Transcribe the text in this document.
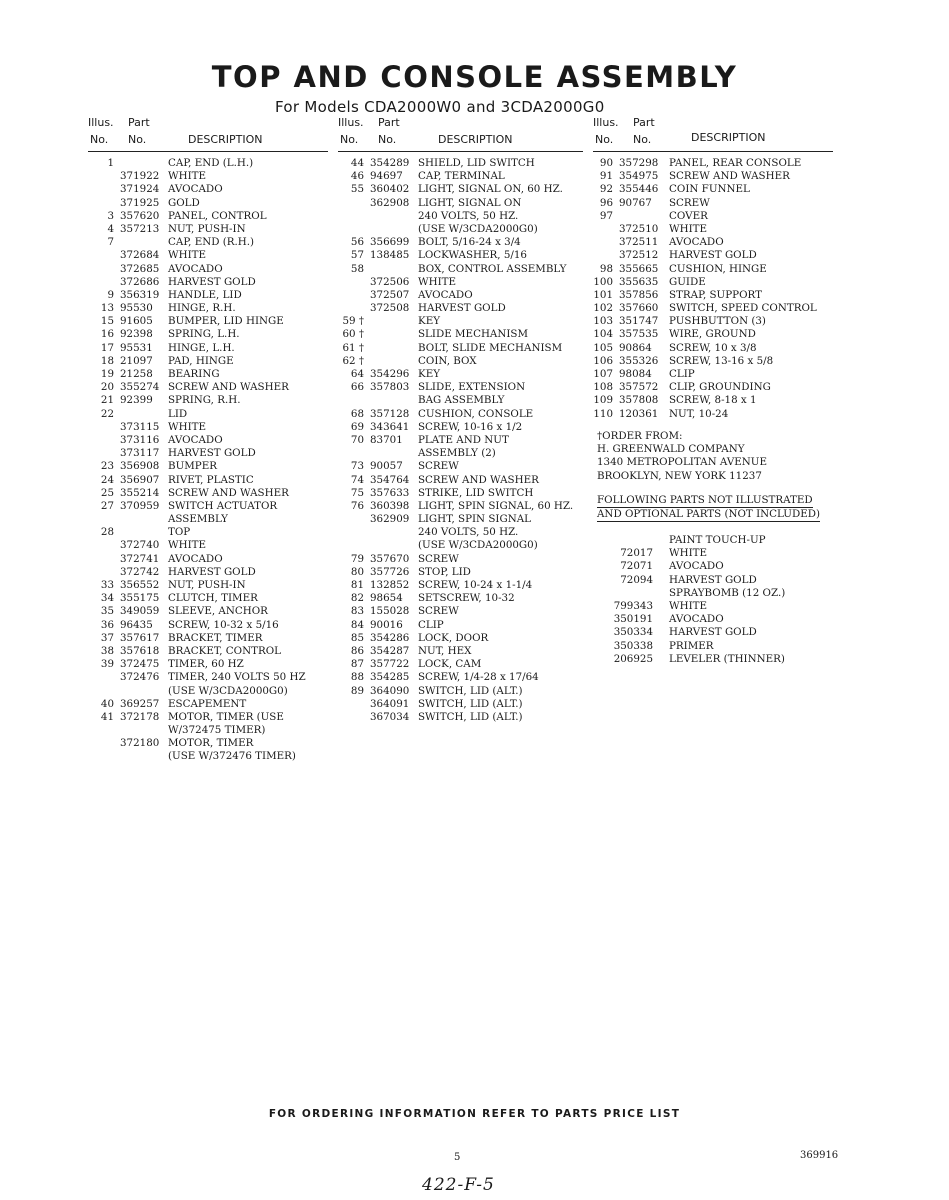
TOP AND CONSOLE ASSEMBLY
For Models CDA2000W0 and 3CDA2000G0
Illus. Part
No. No.	DESCRIPTION
1	CAP, END (L.H.)
371922 WHITE
371924 AVOCADO
371925 GOLD
3 357620 PANEL, CONTROL
4 357213 NUT, PUSH-IN
7	CAP, END (R.H.)
372684 WHITE
372685 AVOCADO
372686 HARVEST GOLD
9 356319 HANDLE, LID
13 95530 HINGE, R.H.
15 91605 BUMPER, LID HINGE
16 92398 SPRING, L.H.
17 95531 HINGE, L.H.
18 21097 PAD, HINGE
19 21258 BEARING
20 355274 SCREW AND WASHER
21 92399 SPRING, R.H.
22	LID
373115 WHITE
373116 AVOCADO
373117 HARVEST GOLD
23 356908 BUMPER
24 356907 RIVET, PLASTIC
25 355214 SCREW AND WASHER
27 370959 SWITCH ACTUATOR
ASSEMBLY
28	TOP
372740 WHITE
372741 AVOCADO
372742 HARVEST GOLD
33 356552 NUT, PUSH-IN
34 355175 CLUTCH, TIMER
35 349059 SLEEVE, ANCHOR
36 96435 SCREW, 10-32 x 5/16
37 357617 BRACKET, TIMER
38 357618 BRACKET, CONTROL
39 372475 TIMER, 60 HZ
372476 TIMER, 240 VOLTS 50 HZ
(USE W/3CDA2000G0)
40 369257 ESCAPEMENT
41 372178 MOTOR, TIMER (USE
W/372475 TIMER)
372180 MOTOR, TIMER
(USE W/372476 TIMER)
Illus. Part
No. No.	DESCRIPTION
44 354289 SHIELD, LID SWITCH
46 94697 CAP, TERMINAL
55 360402 LIGHT, SIGNAL ON, 60 HZ.
362908 LIGHT, SIGNAL ON
240 VOLTS, 50 HZ.
(USE W/3CDA2000G0)
56 356699 BOLT, 5/16-24 x 3/4
57 138485 LOCKWASHER, 5/16
58	BOX, CONTROL ASSEMBLY
372506 WHITE
372507 AVOCADO
372508 HARVEST GOLD
59 †	KEY
60 †	SLIDE MECHANISM
61 †	BOLT, SLIDE MECHANISM
62 †	COIN, BOX
64 354296 KEY
66 357803 SLIDE, EXTENSION
BAG ASSEMBLY
68 357128 CUSHION, CONSOLE
69 343641 SCREW, 10-16 x 1/2
70 83701 PLATE AND NUT
ASSEMBLY (2)
73 90057 SCREW
74 354764 SCREW AND WASHER
75 357633 STRIKE, LID SWITCH
76 360398 LIGHT, SPIN SIGNAL, 60 HZ.
362909 LIGHT, SPIN SIGNAL
240 VOLTS, 50 HZ.
(USE W/3CDA2000G0)
79 357670 SCREW
80 357726 STOP, LID
81 132852 SCREW, 10-24 x 1-1/4
82 98654 SETSCREW, 10-32
83 155028 SCREW
84 90016 CLIP
85 354286 LOCK, DOOR
86 354287 NUT, HEX
87 357722 LOCK, CAM
88 354285 SCREW, 1/4-28 x 17/64
89 364090 SWITCH, LID (ALT.)
364091 SWITCH, LID (ALT.)
367034 SWITCH, LID (ALT.)
Illus. Part
No. No.	DESCRIPTION
90 357298 PANEL, REAR CONSOLE
91 354975 SCREW AND WASHER
92 355446 COIN FUNNEL
96 90767 SCREW
97	COVER
372510 WHITE
372511 AVOCADO
372512 HARVEST GOLD
98 355665 CUSHION, HINGE
100 355635 GUIDE
101 357856 STRAP, SUPPORT
102 357660 SWITCH, SPEED CONTROL
103 351747 PUSHBUTTON (3)
104 357535 WIRE, GROUND
105 90864 SCREW, 10 x 3/8
106 355326 SCREW, 13-16 x 5/8
107 98084 CLIP
108 357572 CLIP, GROUNDING
109 357808 SCREW, 8-18 x 1
110 120361 NUT, 10-24
†ORDER FROM:
H. GREENWALD COMPANY
1340 METROPOLITAN AVENUE
BROOKLYN, NEW YORK 11237
FOLLOWING PARTS NOT ILLUSTRATED
AND OPTIONAL PARTS (NOT INCLUDED)
PAINT TOUCH-UP
72017 WHITE
72071 AVOCADO
72094 HARVEST GOLD
SPRAYBOMB (12 OZ.)
799343 WHITE
350191 AVOCADO
350334 HARVEST GOLD
350338 PRIMER
206925 LEVELER (THINNER)
FOR ORDERING INFORMATION REFER TO PARTS PRICE LIST
5	369916
422-F-5
